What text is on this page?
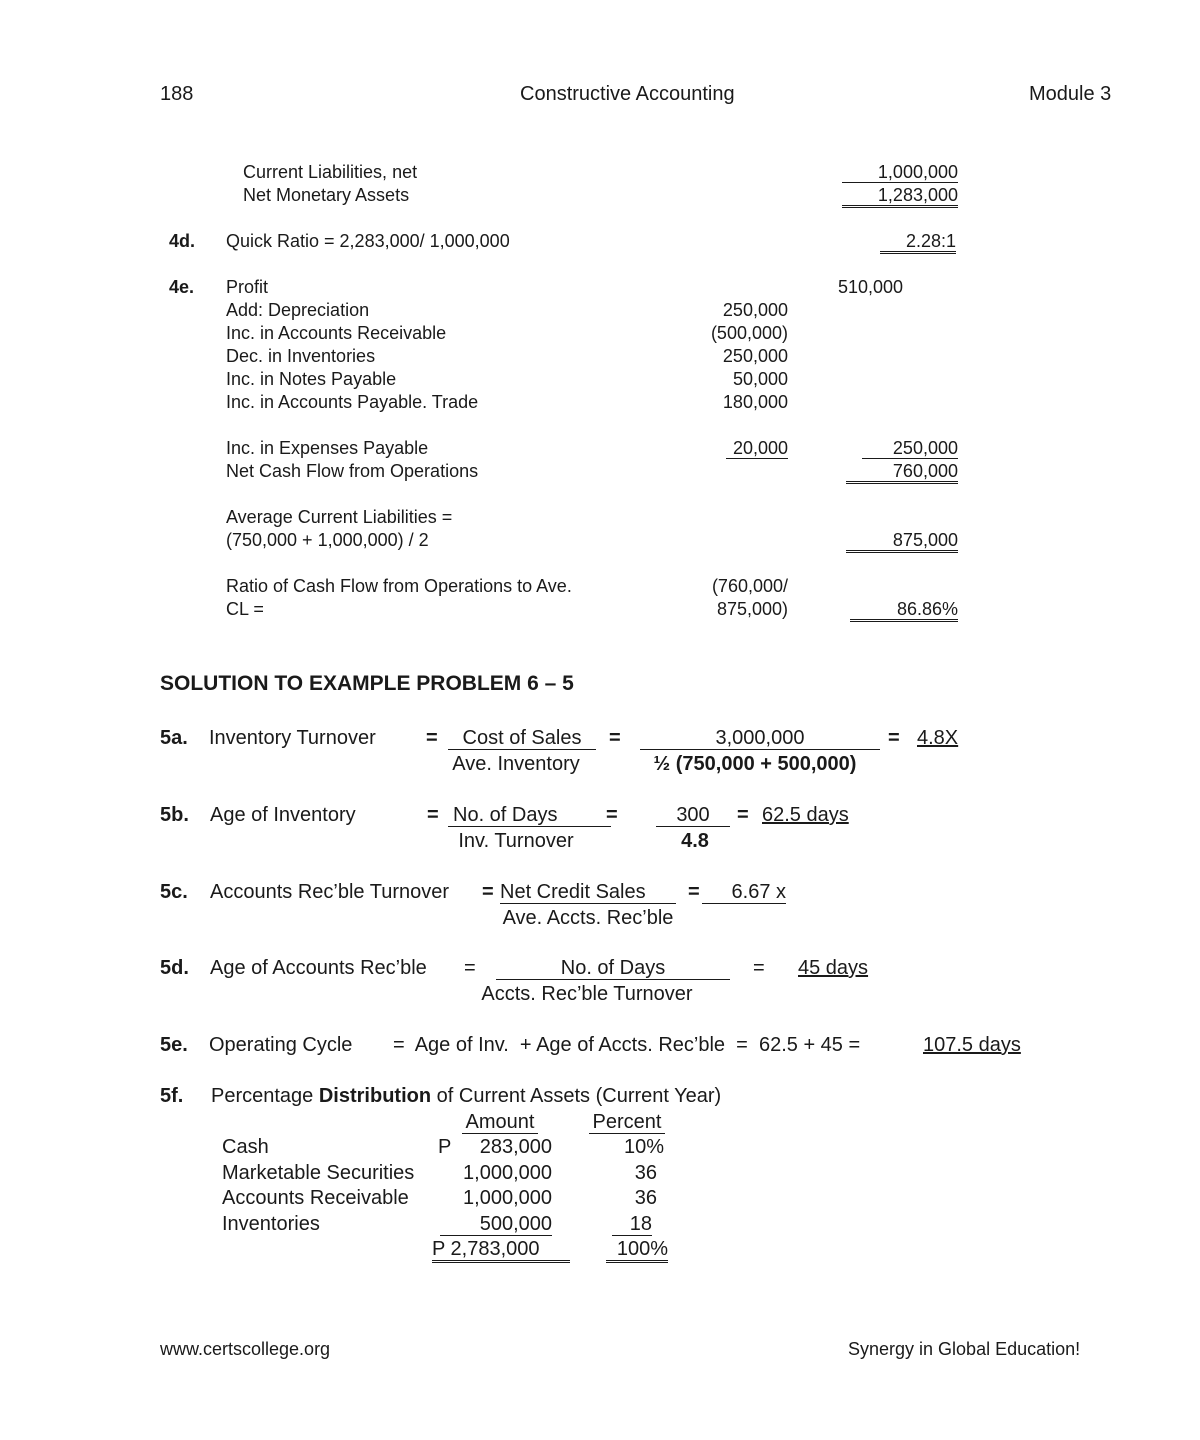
188	Constructive Accounting	Module 3
Current Liabilities, net	1,000,000
Net Monetary Assets	1,283,000
4d. Quick Ratio = 2,283,000/ 1,000,000	2.28:1
4e. Profit	510,000
Add: Depreciation	250,000
Inc. in Accounts Receivable	(500,000)
Dec. in Inventories	250,000
Inc. in Notes Payable	50,000
Inc. in Accounts Payable. Trade	180,000
Inc. in Expenses Payable	20,000	250,000
Net Cash Flow from Operations	760,000
Average Current Liabilities =
(750,000 + 1,000,000) / 2	875,000
Ratio of Cash Flow from Operations to Ave.
CL =
(760,000/
875,000)	86.86%
SOLUTION TO EXAMPLE PROBLEM 6 – 5
5a. Inventory Turnover	=	Cost of Sales
Ave. Inventory
=	3,000,000
½ (750,000 + 500,000)
= 4.8X
5b. Age of Inventory	= No. of Days
Inv. Turnover
=	300
4.8
= 62.5 days
5c. Accounts Rec’ble Turnover = Net Credit Sales
Ave. Accts. Rec’ble
=	6.67 x
5d. Age of Accounts Rec’ble =	No. of Days
Accts. Rec’ble Turnover
= 45 days
5e. Operating Cycle =  Age of Inv.  + Age of Accts. Rec’ble  =  62.5 + 45 =	107.5 days
5f. Percentage Distribution of Current Assets (Current Year)
Amount	Percent
Cash	P	283,000	10%
Marketable Securities	1,000,000	36
Accounts Receivable	1,000,000	36
Inventories	500,000	18
P 2,783,000	100%
www.certscollege.org	Synergy in Global Education!
